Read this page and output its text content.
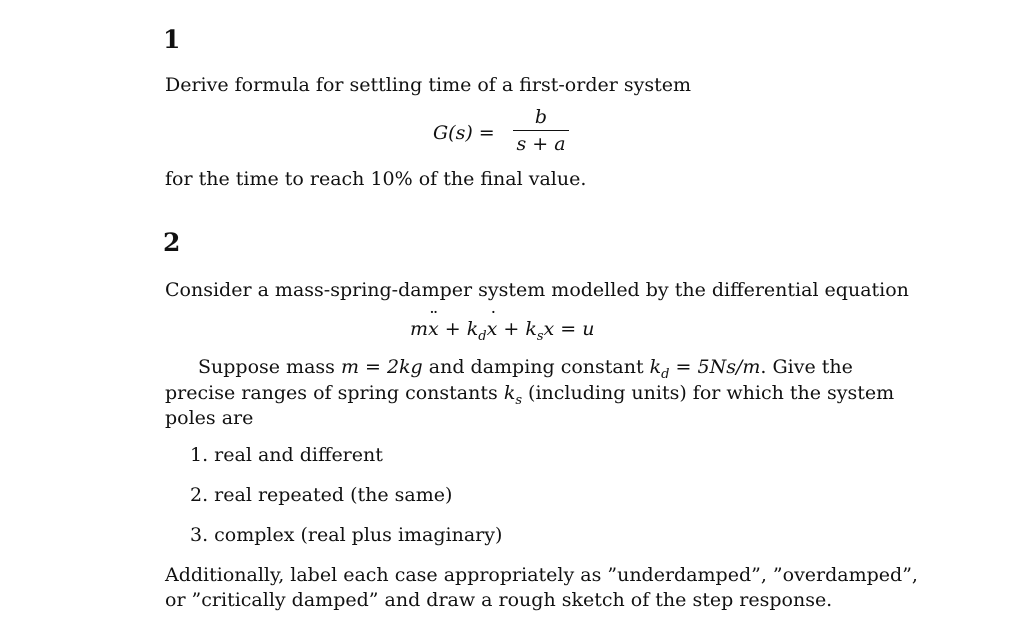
1
Derive formula for settling time of a first-order system
G(s) =
b
s + a
for the time to reach 10% of the final value.
2
Consider a mass-spring-damper system modelled by the differential equation
m¨ $x + k_d˙$ $x + k_sx = u$
Suppose mass m = 2kg and damping constant $k_d = 5Ns/m$. Give the
precise ranges of spring constants $k_s$ (including units) for which the system
poles are
1. real and different
2. real repeated (the same)
3. complex (real plus imaginary)
Additionally, label each case appropriately as ”underdamped”, ”overdamped”,
or ”critically damped” and draw a rough sketch of the step response.
